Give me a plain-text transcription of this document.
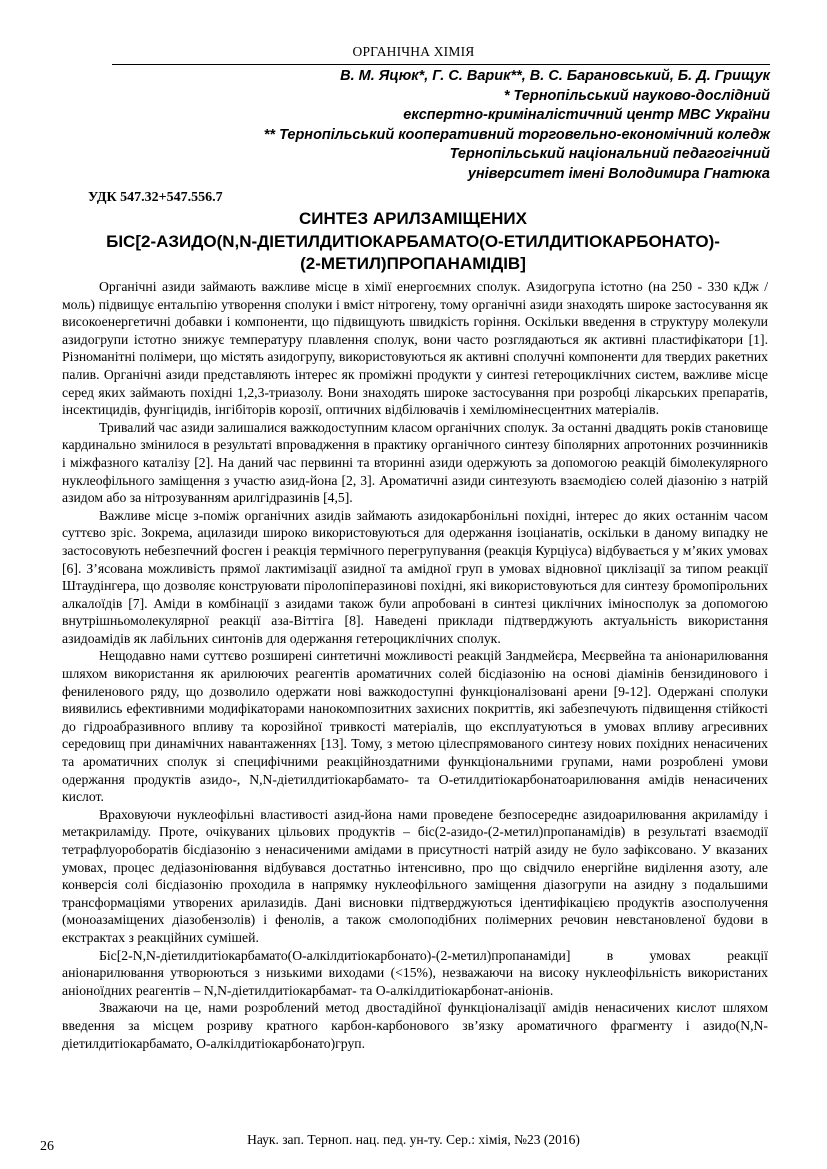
ОРГАНІЧНА ХІМІЯ
В. М. Яцюк*, Г. С. Варик**, В. С. Барановський, Б. Д. Грищук
* Тернопільський науково-дослідний
експертно-криміналістичний центр МВС України
** Тернопільський кооперативний торговельно-економічний коледж
Тернопільський національний педагогічний
університет імені Володимира Гнатюка
УДК 547.32+547.556.7
СИНТЕЗ АРИЛЗАМІЩЕНИХ
БІС[2-АЗИДО(N,N-ДІЕТИЛДИТІОКАРБАМАТО(О-ЕТИЛДИТІОКАРБОНАТО)-
(2-МЕТИЛ)ПРОПАНАМІДІВ]

Органічні азиди займають важливе місце в хімії енергоємних сполук. Азидогрупа істотно (на 250 - 330 кДж / моль) підвищує ентальпію утворення сполуки і вміст нітрогену, тому органічні азиди знаходять широке застосування як високоенергетичні добавки і компоненти, що підвищують швидкість горіння. Оскільки введення в структуру молекули азидогрупи істотно знижує температуру плавлення сполук, вони часто розглядаються як активні пластифікатори [1]. Різноманітні полімери, що містять азидогрупу, використовуються як активні сполучні компоненти для твердих ракетних палив. Органічні азиди представляють інтерес як проміжні продукти у синтезі гетероциклічних систем, важливе місце серед яких займають похідні 1,2,3-триазолу. Вони знаходять широке застосування при розробці лікарських препаратів, інсектицидів, фунгіцидів, інгібіторів корозії, оптичних відбілювачів і хемілюмінесцентних матеріалів.

Тривалий час азиди залишалися важкодоступним класом органічних сполук. За останні двадцять років становище кардинально змінилося в результаті впровадження в практику органічного синтезу біполярних апротонних розчинників і міжфазного каталізу [2]. На даний час первинні та вторинні азиди одержують за допомогою реакцій бімолекулярного нуклеофільного заміщення з участю азид-йона [2, 3]. Ароматичні азиди синтезують взаємодією солей діазонію з натрій азидом або за нітрозуванням арилгідразинів [4,5].

Важливе місце з-поміж органічних азидів займають азидокарбонільні похідні, інтерес до яких останнім часом суттєво зріс. Зокрема, ацилазиди широко використовуються для одержання ізоціанатів, оскільки в даному випадку не застосовують небезпечний фосген і реакція термічного перегрупування (реакція Курціуса) відбувається у м’яких умовах [6]. З’ясована можливість прямої лактимізації азидної та амідної груп в умовах відновної циклізації за типом реакції Штаудінгера, що дозволяє конструювати піролопіперазинові похідні, які використовуються для синтезу бромопірольних алкалоїдів [7]. Аміди в комбінації з азидами також були апробовані в синтезі циклічних іміносполук за допомогою внутрішньомолекулярної реакції аза-Віттіга [8]. Наведені приклади підтверджують актуальність використання азидоамідів як лабільних синтонів для одержання гетероциклічних сполук.

Нещодавно нами суттєво розширені синтетичні можливості реакцій Зандмейєра, Меєрвейна та аніонарилювання шляхом використання як арилюючих реагентів ароматичних солей бісдіазонію на основі діамінів бензидинового і фениленового ряду, що дозволило одержати нові важкодоступні функціоналізовані арени [9-12]. Одержані сполуки виявились ефективними модифікаторами нанокомпозитних захисних покриттів, які забезпечують підвищення стійкості до гідроабразивного впливу та корозійної тривкості матеріалів, що експлуатуються в умовах впливу агресивних середовищ при динамічних навантаженнях [13]. Тому, з метою цілеспрямованого синтезу нових похідних ненасичених та ароматичних сполук зі специфічними реакційноздатними функціональними групами, нами розроблені умови одержання продуктів азидо-, N,N-діетилдитіокарбамато- та О-етилдитіокарбонатоарилювання амідів ненасичених кислот.

Враховуючи нуклеофільні властивості азид-йона нами проведене безпосереднє азидоарилювання акриламіду і метакриламіду. Проте, очікуваних цільових продуктів – біс(2-азидо-(2-метил)пропанамідів) в результаті взаємодії тетрафлуороборатів бісдіазонію з ненасиченими амідами в присутності натрій азиду не було зафіксовано. У вказаних умовах, процес дедіазоніювання відбувався достатньо інтенсивно, про що свідчило енергійне виділення азоту, але конверсія солі бісдіазонію проходила в напрямку нуклеофільного заміщення діазогрупи на азидну з подальшими трансформаціями утворених арилазидів. Дані висновки підтверджуються ідентифікацією продуктів азосполучення (моноазаміщених діазобензолів) і фенолів, а також смолоподібних полімерних речовин невстановленої будови в екстрактах з реакційних сумішей.

Біс[2-N,N-діетилдитіокарбамато(О-алкілдитіокарбонато)-(2-метил)пропанаміди] в умовах реакції аніонарилювання утворюються з низькими виходами (<15%), незважаючи на високу нуклеофільність використаних аніоноїдних реагентів – N,N-діетилдитіокарбамат- та О-алкілдитіокарбонат-аніонів.

Зважаючи на це, нами розроблений метод двостадійної функціоналізації амідів ненасичених кислот шляхом введення за місцем розриву кратного карбон-карбонового зв’язку ароматичного фрагменту і азидо(N,N-діетилдитіокарбамато, О-алкілдитіокарбонато)груп.

26	Наук. зап. Терноп. нац. пед. ун-ту. Сер.: хімія, №23 (2016)
